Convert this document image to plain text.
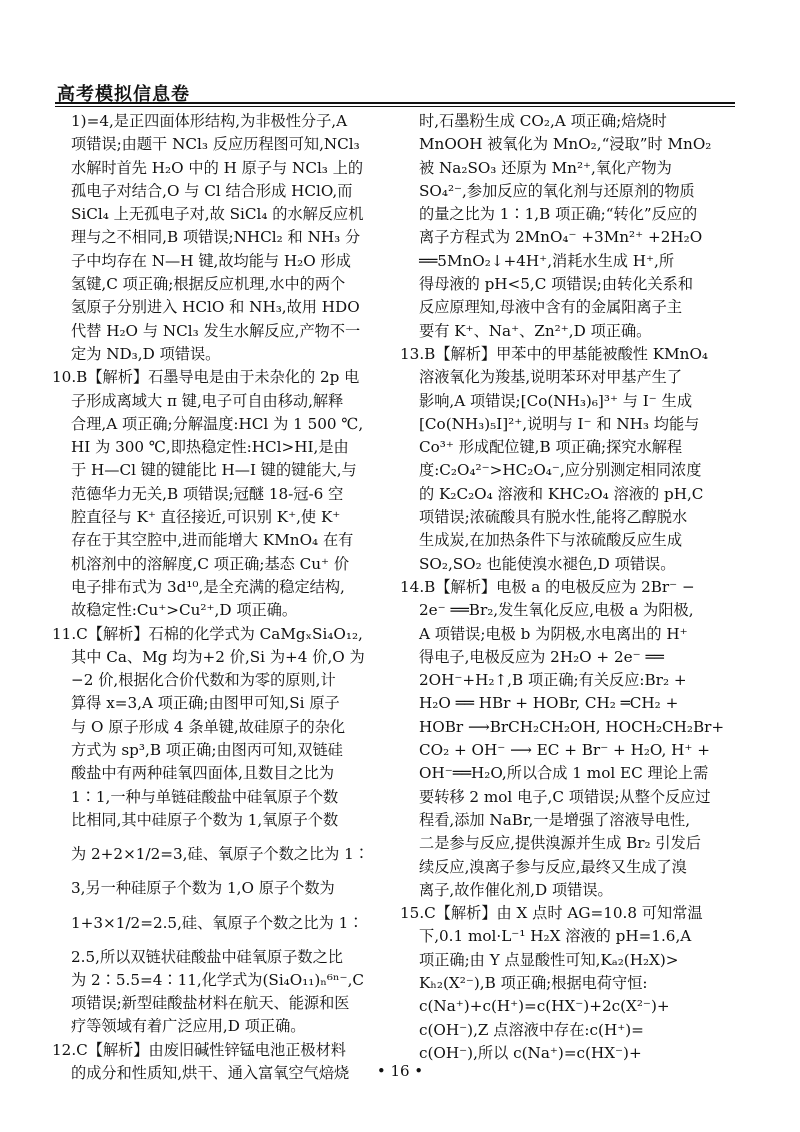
高考模拟信息卷
1)=4,是正四面体形结构,为非极性分子,A
项错误;由题干 NCl₃ 反应历程图可知,NCl₃
水解时首先 H₂O 中的 H 原子与 NCl₃ 上的
孤电子对结合,O 与 Cl 结合形成 HClO,而
SiCl₄ 上无孤电子对,故 SiCl₄ 的水解反应机
理与之不相同,B 项错误;NHCl₂ 和 NH₃ 分
子中均存在 N—H 键,故均能与 H₂O 形成
氢键,C 项正确;根据反应机理,水中的两个
氢原子分别进入 HClO 和 NH₃,故用 HDO
代替 H₂O 与 NCl₃ 发生水解反应,产物不一
定为 ND₃,D 项错误。
10.B【解析】石墨导电是由于未杂化的 2p 电
子形成离域大 π 键,电子可自由移动,解释
合理,A 项正确;分解温度:HCl 为 1 500 ℃,
HI 为 300 ℃,即热稳定性:HCl>HI,是由
于 H—Cl 键的键能比 H—I 键的键能大,与
范德华力无关,B 项错误;冠醚 18-冠-6 空
腔直径与 K⁺ 直径接近,可识别 K⁺,使 K⁺
存在于其空腔中,进而能增大 KMnO₄ 在有
机溶剂中的溶解度,C 项正确;基态 Cu⁺ 价
电子排布式为 3d¹⁰,是全充满的稳定结构,
故稳定性:Cu⁺>Cu²⁺,D 项正确。
11.C【解析】石棉的化学式为 CaMgₓSi₄O₁₂,
其中 Ca、Mg 均为+2 价,Si 为+4 价,O 为
−2 价,根据化合价代数和为零的原则,计
算得 x=3,A 项正确;由图甲可知,Si 原子
与 O 原子形成 4 条单键,故硅原子的杂化
方式为 sp³,B 项正确;由图丙可知,双链硅
酸盐中有两种硅氧四面体,且数目之比为
1∶1,一种与单链硅酸盐中硅氧原子个数
比相同,其中硅原子个数为 1,氧原子个数
为 2+2×1/2=3,硅、氧原子个数之比为 1∶
3,另一种硅原子个数为 1,O 原子个数为
1+3×1/2=2.5,硅、氧原子个数之比为 1∶
2.5,所以双链状硅酸盐中硅氧原子数之比
为 2∶5.5=4∶11,化学式为(Si₄O₁₁)ₙ⁶ⁿ⁻,C
项错误;新型硅酸盐材料在航天、能源和医
疗等领域有着广泛应用,D 项正确。
12.C【解析】由废旧碱性锌锰电池正极材料
的成分和性质知,烘干、通入富氧空气焙烧
时,石墨粉生成 CO₂,A 项正确;焙烧时
MnOOH 被氧化为 MnO₂,“浸取”时 MnO₂
被 Na₂SO₃ 还原为 Mn²⁺,氧化产物为
SO₄²⁻,参加反应的氧化剂与还原剂的物质
的量之比为 1∶1,B 项正确;“转化”反应的
离子方程式为 2MnO₄⁻ +3Mn²⁺ +2H₂O
══5MnO₂↓+4H⁺,消耗水生成 H⁺,所
得母液的 pH<5,C 项错误;由转化关系和
反应原理知,母液中含有的金属阳离子主
要有 K⁺、Na⁺、Zn²⁺,D 项正确。
13.B【解析】甲苯中的甲基能被酸性 KMnO₄
溶液氧化为羧基,说明苯环对甲基产生了
影响,A 项错误;[Co(NH₃)₆]³⁺ 与 I⁻ 生成
[Co(NH₃)₅I]²⁺,说明与 I⁻ 和 NH₃ 均能与
Co³⁺ 形成配位键,B 项正确;探究水解程
度:C₂O₄²⁻>HC₂O₄⁻,应分别测定相同浓度
的 K₂C₂O₄ 溶液和 KHC₂O₄ 溶液的 pH,C
项错误;浓硫酸具有脱水性,能将乙醇脱水
生成炭,在加热条件下与浓硫酸反应生成
SO₂,SO₂ 也能使溴水褪色,D 项错误。
14.B【解析】电极 a 的电极反应为 2Br⁻ −
2e⁻ ══Br₂,发生氧化反应,电极 a 为阳极,
A 项错误;电极 b 为阴极,水电离出的 H⁺
得电子,电极反应为 2H₂O + 2e⁻ ══
2OH⁻+H₂↑,B 项正确;有关反应:Br₂ +
H₂O ══ HBr + HOBr, CH₂ ═CH₂ +
HOBr ⟶BrCH₂CH₂OH, HOCH₂CH₂Br+
CO₂ + OH⁻ ⟶ EC + Br⁻ + H₂O, H⁺ +
OH⁻══H₂O,所以合成 1 mol EC 理论上需
要转移 2 mol 电子,C 项错误;从整个反应过
程看,添加 NaBr,一是增强了溶液导电性,
二是参与反应,提供溴源并生成 Br₂ 引发后
续反应,溴离子参与反应,最终又生成了溴
离子,故作催化剂,D 项错误。
15.C【解析】由 X 点时 AG=10.8 可知常温
下,0.1 mol·L⁻¹ H₂X 溶液的 pH=1.6,A
项正确;由 Y 点显酸性可知,Kₐ₂(H₂X)>
Kₕ₂(X²⁻),B 项正确;根据电荷守恒:
c(Na⁺)+c(H⁺)=c(HX⁻)+2c(X²⁻)+
c(OH⁻),Z 点溶液中存在:c(H⁺)=
c(OH⁻),所以 c(Na⁺)=c(HX⁻)+
• 16 •
